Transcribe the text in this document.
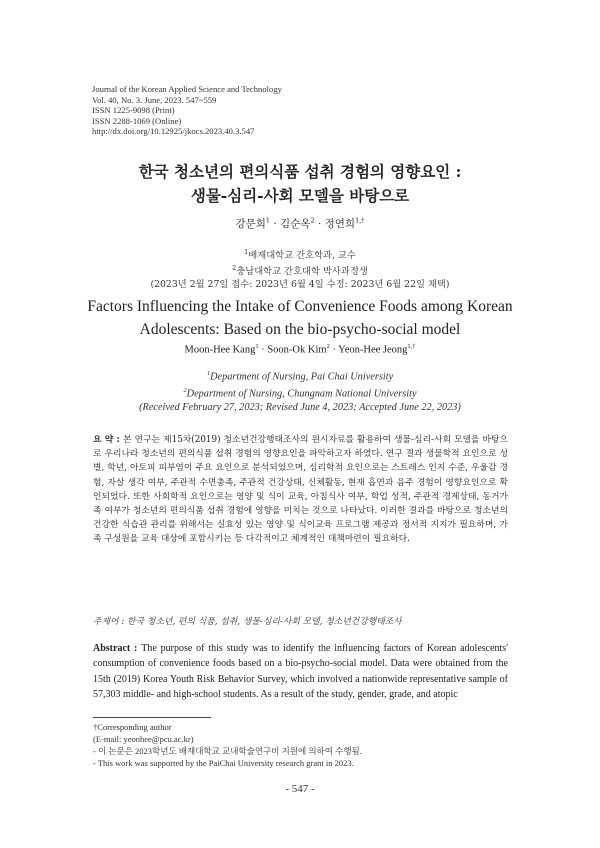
Journal of the Korean Applied Science and Technology
Vol. 40, No. 3. June, 2023. 547~559
ISSN 1225-9098 (Print)
ISSN 2288-1069 (Online)
http://dx.doi.org/10.12925/jkocs.2023.40.3.547
한국 청소년의 편의식품 섭취 경험의 영향요인 :
생물-심리-사회 모델을 바탕으로
강문희$^1$ · 김순옥$^2$ · 정연희$^{1,\dagger}$
$^1$배재대학교 간호학과, 교수
$^2$충남대학교 간호대학 박사과정생
(2023년 2월 27일 접수: 2023년 6월 4일 수정: 2023년 6월 22일 채택)
Factors Influencing the Intake of Convenience Foods among Korean
Adolescents: Based on the bio-psycho-social model
Moon-Hee Kang$^1$ · Soon-Ok Kim$^2$ · Yeon-Hee Jeong$^{1,\dagger}$
$^1$Department of Nursing, Pai Chai University
$^2$Department of Nursing, Chungnam National University
(Received February 27, 2023; Revised June 4, 2023; Accepted June 22, 2023)
요 약 : 본 연구는 제15차(2019) 청소년건강행태조사의 원시자료를 활용하여 생물-심리-사회 모델을 바탕으로 우리나라 청소년의 편의식품 섭취 경험의 영향요인을 파악하고자 하였다. 연구 결과 생물학적 요인으로 성별, 학년, 아토피 피부염이 주요 요인으로 분석되었으며, 심리학적 요인으로는 스트레스 인지 수준, 우울감 경험, 자살 생각 여부, 주관적 수면충족, 주관적 건강상태, 신체활동, 현재 흡연과 음주 경험이 영향요인으로 확인되었다. 또한 사회학적 요인으로는 영양 및 식이 교육, 아침식사 여부, 학업 성적, 주관적 경제상태, 동거가족 여부가 청소년의 편의식품 섭취 경험에 영향을 미치는 것으로 나타났다. 이러한 결과를 바탕으로 청소년의 건강한 식습관 관리를 위해서는 실효성 있는 영양 및 식이교육 프로그램 제공과 정서적 지지가 필요하며, 가족 구성원을 교육 대상에 포함시키는 등 다각적이고 체계적인 대책마련이 필요하다.
주제어 : 한국 청소년, 편의 식품, 섭취, 생물-심리-사회 모델, 청소년건강행태조사
Abstract : The purpose of this study was to identify the influencing factors of Korean adolescents' consumption of convenience foods based on a bio-psycho-social model. Data were obtained from the 15th (2019) Korea Youth Risk Behavior Survey, which involved a nationwide representative sample of 57,303 middle- and high-school students. As a result of the study, gender, grade, and atopic
†Corresponding author
(E-mail: yeonhee@pcu.ac.kr)
- 이 논문은 2023학년도 배재대학교 교내학술연구비 지원에 의하여 수행됨.
- This work was supported by the PaiChai University research grant in 2023.
- 547 -
